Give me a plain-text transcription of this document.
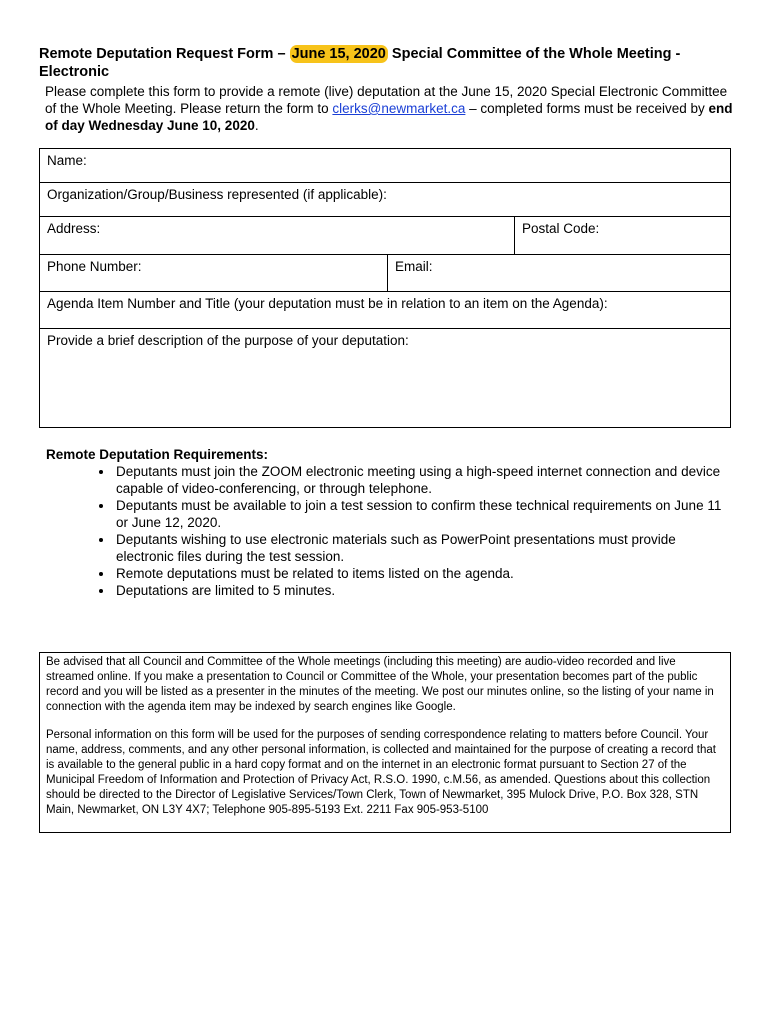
Remote Deputation Request Form – June 15, 2020 Special Committee of the Whole Meeting - Electronic
Please complete this form to provide a remote (live) deputation at the June 15, 2020 Special Electronic Committee of the Whole Meeting. Please return the form to clerks@newmarket.ca – completed forms must be received by end of day Wednesday June 10, 2020.
Name:
Organization/Group/Business represented (if applicable):
Address:	Postal Code:
Phone Number:	Email:
Agenda Item Number and Title (your deputation must be in relation to an item on the Agenda):
Provide a brief description of the purpose of your deputation:
Remote Deputation Requirements:
• Deputants must join the ZOOM electronic meeting using a high-speed internet connection and device capable of video-conferencing, or through telephone.
• Deputants must be available to join a test session to confirm these technical requirements on June 11 or June 12, 2020.
• Deputants wishing to use electronic materials such as PowerPoint presentations must provide electronic files during the test session.
• Remote deputations must be related to items listed on the agenda.
• Deputations are limited to 5 minutes.

Be advised that all Council and Committee of the Whole meetings (including this meeting) are audio-video recorded and live streamed online. If you make a presentation to Council or Committee of the Whole, your presentation becomes part of the public record and you will be listed as a presenter in the minutes of the meeting. We post our minutes online, so the listing of your name in connection with the agenda item may be indexed by search engines like Google.

Personal information on this form will be used for the purposes of sending correspondence relating to matters before Council. Your name, address, comments, and any other personal information, is collected and maintained for the purpose of creating a record that is available to the general public in a hard copy format and on the internet in an electronic format pursuant to Section 27 of the Municipal Freedom of Information and Protection of Privacy Act, R.S.O. 1990, c.M.56, as amended. Questions about this collection should be directed to the Director of Legislative Services/Town Clerk, Town of Newmarket, 395 Mulock Drive, P.O. Box 328, STN Main, Newmarket, ON L3Y 4X7; Telephone 905-895-5193 Ext. 2211 Fax 905-953-5100
